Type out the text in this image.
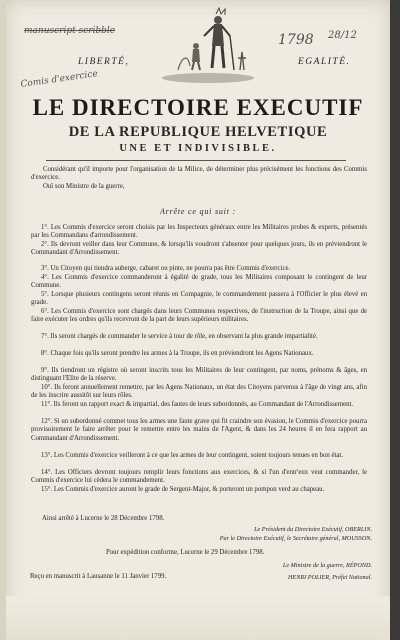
manuscript scribble
Comis d'exercice
1798 28/12
LIBERTÉ,	EGALITÉ.
LE DIRECTOIRE EXECUTIF
DE LA REPUBLIQUE HELVETIQUE
UNE ET INDIVISIBLE.
Considérant qu'il importe pour l'organisation de la Milice, de déterminer plus précisément les fonctions des Commis d'exercice.
Ouï son Ministre de la guerre,
Arrête ce qui suit :
1°. Les Commis d'exercice seront choisis par les Inspecteurs généraux entre les Militaires probes & experts, présentés par les Commandans d'arrondissement.
2°. Ils devront veiller dans leur Commune, & lorsqu'ils voudront s'absenter pour quelques jours, ils en préviendront le Commandant d'Arrondissement.
3°. Un Citoyen qui tiendra auberge, cabaret ou pinte, ne pourra pas être Commis d'exercice.
4°. Les Commis d'exercice commanderont à égalité de grade, tous les Militaires composant le contingent de leur Commune.
5°. Lorsque plusieurs contingens seront réunis en Compagnie, le commandement passera à l'Officier le plus élevé en grade.
6°. Les Commis d'exercice sont chargés dans leurs Communes respectives, de l'instruction de la Troupe, ainsi que de faire exécuter les ordres qu'ils recevront de la part de leurs supérieurs militaires.
7°. Ils seront chargés de commander le service à tour de rôle, en observant la plus grande impartialité.
8°. Chaque fois qu'ils seront prendre les armes à la Troupe, ils en préviendront les Agens Nationaux.
9°. Ils tiendront un régistre où seront inscrits tous les Militaires de leur contingent, par noms, prénoms & âges, en distinguant l'Elite de la réserve.
10°. Ils feront annuellement remettre, par les Agens Nationaux, un état des Citoyens parvenus à l'âge de vingt ans, afin de les inscrire aussitôt sur leurs rôles.
11°. Ils feront un rapport exact & impartial, des fautes de leurs subordonnés, au Commandant de l'Arrondissement.
12°. Si un subordonné commet tous les armes une faute grave qui fit craindre son évasion, le Commis d'exercice pourra provisoirement le faire arrêter pour le remettre entre les mains de l'Agent, & dans les 24 heures il en fera rapport au Commandant d'Arrondissement.
13°. Les Commis d'exercice veilleront à ce que les armes de leur contingent, soient toujours tenues en bon état.
14°. Les Officiers devront toujours remplir leurs fonctions aux exercices, & si l'un d'entr'eux veut commander, le Commis d'exercice lui cèdera le commandement.
15°. Les Commis d'exercice auront le grade de Sergent-Major, & porteront un pompon verd au chapeau.
Ainsi arrêté à Lucerne le 28 Décembre 1798.
Le Président du Directoire Exécutif, OBERLIN.
Par le Directoire Exécutif, le Secrétaire général, MOUSSON.
Pour expédition conforme, Lucerne le 29 Décembre 1798.
Le Ministre de la guerre, RÉPOND.
Reçu en manuscrit à Lausanne le 11 Janvier 1799.	HENRI POLIER, Préfet National.
